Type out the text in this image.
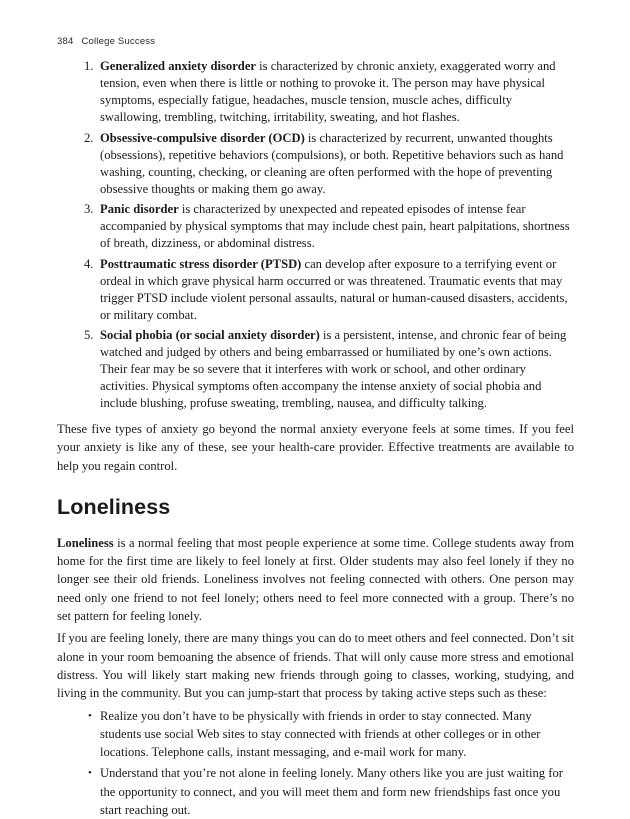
384 College Success
1. Generalized anxiety disorder is characterized by chronic anxiety, exaggerated worry and tension, even when there is little or nothing to provoke it. The person may have physical symptoms, especially fatigue, headaches, muscle tension, muscle aches, difficulty swallowing, trembling, twitching, irritability, sweating, and hot flashes.
2. Obsessive-compulsive disorder (OCD) is characterized by recurrent, unwanted thoughts (obsessions), repetitive behaviors (compulsions), or both. Repetitive behaviors such as hand washing, counting, checking, or cleaning are often performed with the hope of preventing obsessive thoughts or making them go away.
3. Panic disorder is characterized by unexpected and repeated episodes of intense fear accompanied by physical symptoms that may include chest pain, heart palpitations, shortness of breath, dizziness, or abdominal distress.
4. Posttraumatic stress disorder (PTSD) can develop after exposure to a terrifying event or ordeal in which grave physical harm occurred or was threatened. Traumatic events that may trigger PTSD include violent personal assaults, natural or human-caused disasters, accidents, or military combat.
5. Social phobia (or social anxiety disorder) is a persistent, intense, and chronic fear of being watched and judged by others and being embarrassed or humiliated by one’s own actions. Their fear may be so severe that it interferes with work or school, and other ordinary activities. Physical symptoms often accompany the intense anxiety of social phobia and include blushing, profuse sweating, trembling, nausea, and difficulty talking.

These five types of anxiety go beyond the normal anxiety everyone feels at some times. If you feel your anxiety is like any of these, see your health-care provider. Effective treatments are available to help you regain control.

Loneliness

Loneliness is a normal feeling that most people experience at some time. College students away from home for the first time are likely to feel lonely at first. Older students may also feel lonely if they no longer see their old friends. Loneliness involves not feeling connected with others. One person may need only one friend to not feel lonely; others need to feel more connected with a group. There’s no set pattern for feeling lonely.

If you are feeling lonely, there are many things you can do to meet others and feel connected. Don’t sit alone in your room bemoaning the absence of friends. That will only cause more stress and emotional distress. You will likely start making new friends through going to classes, working, studying, and living in the community. But you can jump-start that process by taking active steps such as these:

• Realize you don’t have to be physically with friends in order to stay connected. Many students use social Web sites to stay connected with friends at other colleges or in other locations. Telephone calls, instant messaging, and e-mail work for many.
• Understand that you’re not alone in feeling lonely. Many others like you are just waiting for the opportunity to connect, and you will meet them and form new friendships fast once you start reaching out.
